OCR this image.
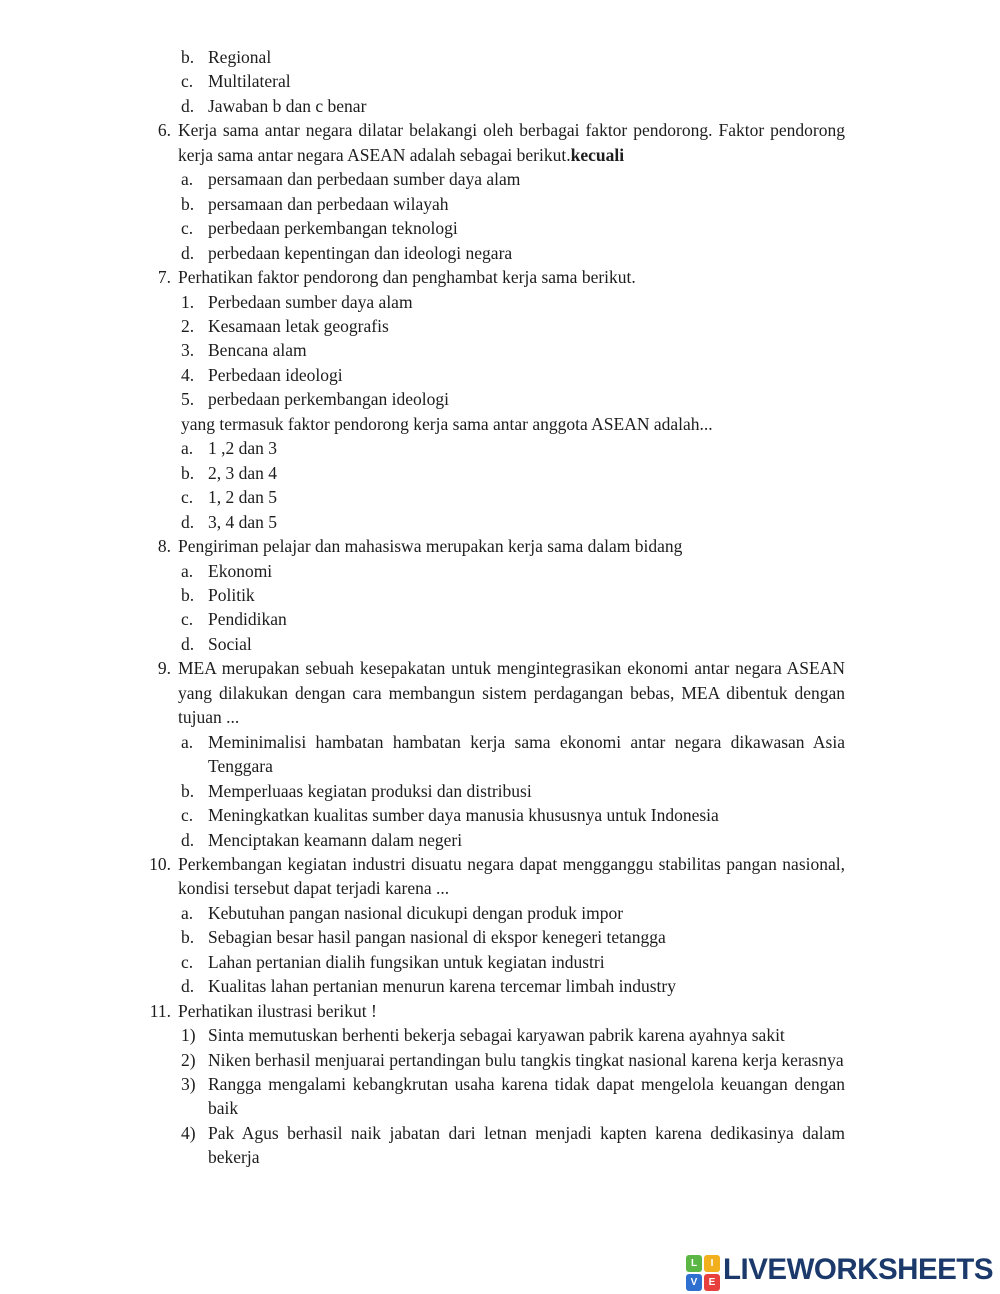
b. Regional
c. Multilateral
d. Jawaban b dan c benar
6. Kerja sama antar negara dilatar belakangi oleh berbagai faktor pendorong. Faktor pendorong kerja sama antar negara ASEAN adalah sebagai berikut.kecuali
a. persamaan dan perbedaan sumber daya alam
b. persamaan dan perbedaan wilayah
c. perbedaan perkembangan teknologi
d. perbedaan kepentingan dan ideologi negara
7. Perhatikan faktor pendorong dan penghambat kerja sama berikut.
1. Perbedaan sumber daya alam
2. Kesamaan letak geografis
3. Bencana alam
4. Perbedaan ideologi
5. perbedaan perkembangan ideologi
yang termasuk faktor pendorong kerja sama antar anggota ASEAN adalah...
a. 1 ,2 dan 3
b. 2, 3 dan 4
c. 1, 2 dan 5
d. 3, 4 dan 5
8. Pengiriman pelajar dan mahasiswa merupakan kerja sama dalam bidang
a. Ekonomi
b. Politik
c. Pendidikan
d. Social
9. MEA merupakan sebuah kesepakatan untuk mengintegrasikan ekonomi antar negara ASEAN yang dilakukan dengan cara membangun sistem perdagangan bebas, MEA dibentuk dengan tujuan ...
a. Meminimalisi hambatan hambatan kerja sama ekonomi antar negara dikawasan Asia Tenggara
b. Memperluaas kegiatan produksi dan distribusi
c. Meningkatkan kualitas sumber daya manusia khususnya untuk Indonesia
d. Menciptakan keamann dalam negeri
10. Perkembangan kegiatan industri disuatu negara dapat mengganggu stabilitas pangan nasional, kondisi tersebut dapat terjadi karena ...
a. Kebutuhan pangan nasional dicukupi dengan produk impor
b. Sebagian besar hasil pangan nasional di ekspor kenegeri tetangga
c. Lahan pertanian dialih fungsikan untuk kegiatan industri
d. Kualitas lahan pertanian menurun karena tercemar limbah industry
11. Perhatikan ilustrasi berikut !
1) Sinta memutuskan berhenti bekerja sebagai karyawan pabrik karena ayahnya sakit
2) Niken berhasil menjuarai pertandingan bulu tangkis tingkat nasional karena kerja kerasnya
3) Rangga mengalami kebangkrutan usaha karena tidak dapat mengelola keuangan dengan baik
4) Pak Agus berhasil naik jabatan dari letnan menjadi kapten karena dedikasinya dalam bekerja
L	I
V	E LIVEWORKSHEETS
